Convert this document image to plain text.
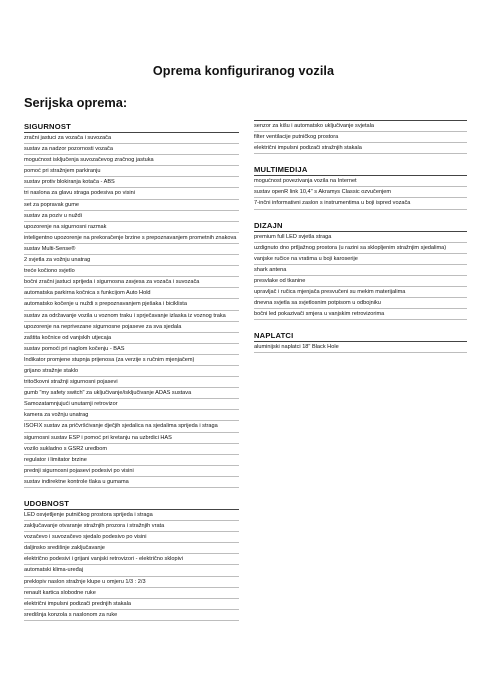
Oprema konfiguriranog vozila
Serijska oprema:
SIGURNOST
zračni jastuci za vozača i suvozača
sustav za nadzor pozornosti vozača
mogućnost isključenja suvozačevog zračnog jastuka
pomoć pri stražnjem parkiranju
sustav protiv blokiranja kotača - ABS
tri naslona za glavu straga podesiva po visini
set za popravak gume
sustav za poziv u nuždi
upozorenje na sigurnosni razmak
inteligentno upozorenje na prekoračenje brzine s prepoznavanjem prometnih znakova
sustav Multi-Sense®
2 svjetla za vožnju unatrag
treće kočiono svjetlo
bočni zračni jastuci sprijeda i sigurnosna zavjesa za vozača i suvozača
automatska parkirna kočnica s funkcijom Auto Hold
automatsko kočenje u nuždi s prepoznavanjem pješaka i biciklista
sustav za održavanje vozila u voznom traku i sprječavanje izlaska iz voznog traka
upozorenje na neprivezane sigurnosne pojaseve za sva sjedala
zaštita kočnice od vanjskih utjecaja
sustav pomoći pri naglom kočenju - BAS
Indikator promjene stupnja prijenosa (za verzije s ručnim mjenjačem)
grijano stražnje staklo
tritočkovni stražnji sigurnosni pojasevi
gumb "my safety switch" za uključivanje/isključivanje ADAS sustava
Samozatamnjujući unutarnji retrovizor
kamera za vožnju unatrag
ISOFIX sustav za pričvršćivanje dječjih sjedalica na sjedalima sprijeda i straga
sigurnosni sustav ESP i pomoć pri kretanju na uzbrdici HAS
vozilo sukladno s GSR2 uredbom
regulator i limitator brzine
prednji sigurnosni pojasevi podesivi po visini
sustav indirektne kontrole tlaka u gumama
UDOBNOST
LED osvjetljenje putničkog prostora sprijeda i straga
zaključavanje otvaranje stražnjih prozora i stražnjih vrata
vozačevo i suvozačevo sjedalo podesivo po visini
daljinsko središnje zaključavanje
električno podesivi i grijani vanjski retrovizori - električno sklopivi
automatski klima-uređaj
preklopiv naslon stražnje klupe u omjeru 1/3 : 2/3
renault kartica slobodne ruke
električni impulsni podizači prednjih stakala
središnja konzola s naslonom za ruke
senzor za kišu i automatsko uključivanje svjetala
filter ventilacije putničkog prostora
električni impulsni podizači stražnjih stakala
MULTIMEDIJA
mogućnost povezivanja vozila na Internet
sustav openR link 10,4'' s Akramys Classic ozvučenjem
7-inčni informativni zaslon s instrumentima u boji ispred vozača
DIZAJN
premium full LED svjetla straga
uzdignuto dno prtljažnog prostora (u razini sa sklopljenim stražnjim sjedalima)
vanjske ručice na vratima u boji karoserije
shark antena
presvlake od tkanine
upravljač i ručica mjenjača presvučeni su mekim materijalima
dnevna svjetla sa svjetlosnim potpisom u odbojniku
bočni led pokazivači smjera u vanjskim retrovizorima
NAPLATCI
aluminijski naplatci 18" Black Hole
